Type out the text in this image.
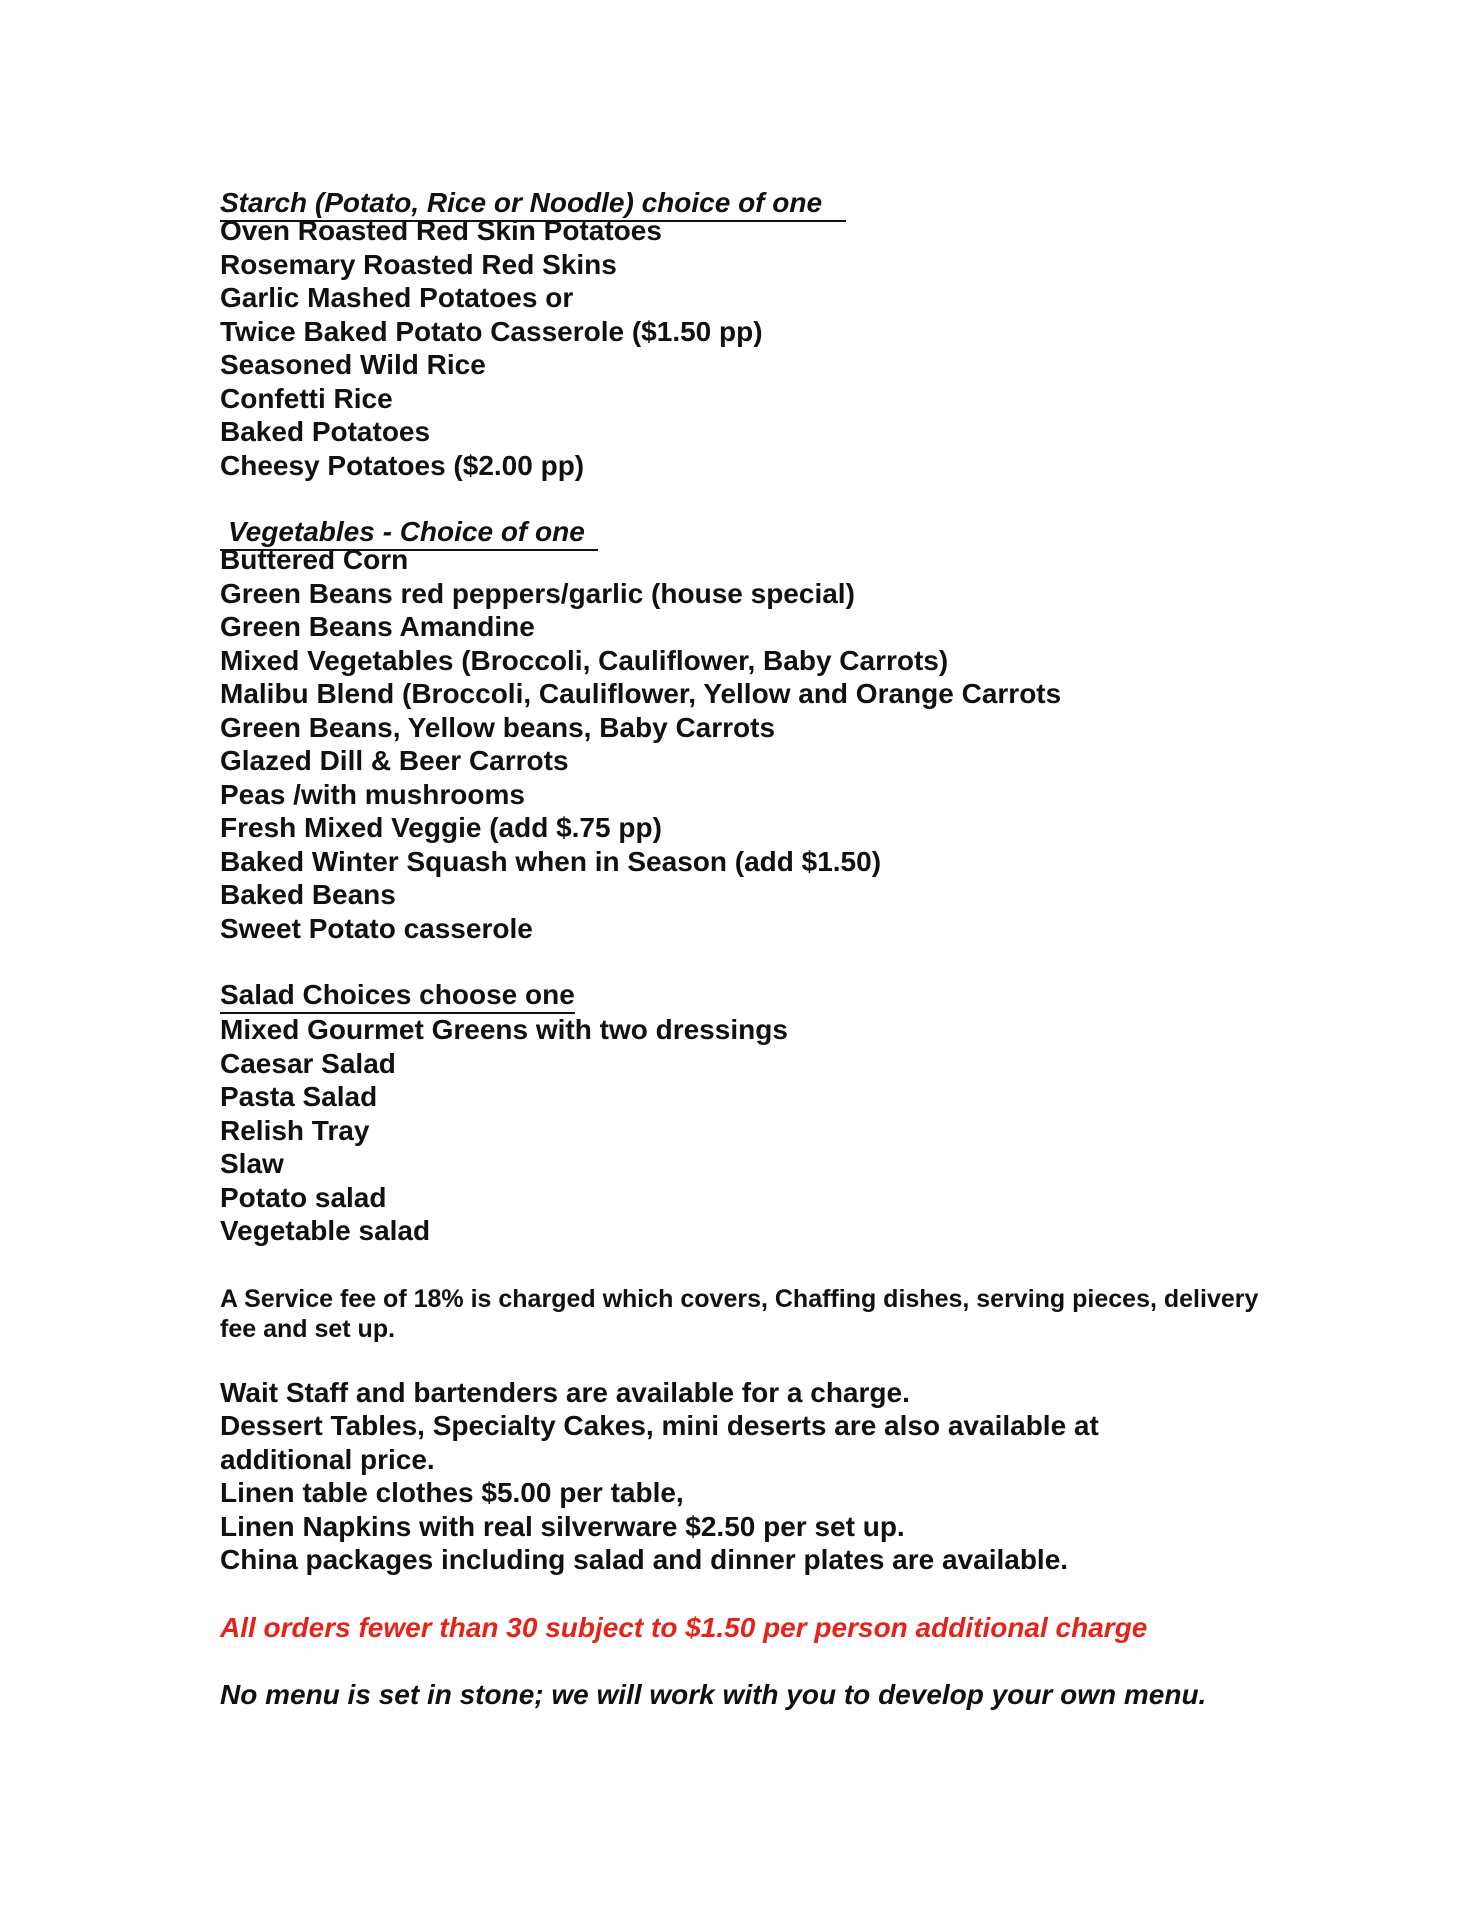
Starch (Potato, Rice or Noodle) choice of one
Oven Roasted Red Skin Potatoes
Rosemary Roasted Red Skins
Garlic Mashed Potatoes or
Twice Baked Potato Casserole ($1.50 pp)
Seasoned Wild Rice
Confetti Rice
Baked Potatoes
Cheesy Potatoes ($2.00 pp)
Vegetables - Choice of one
Buttered Corn
Green Beans red peppers/garlic (house special)
Green Beans Amandine
Mixed Vegetables (Broccoli, Cauliflower, Baby Carrots)
Malibu Blend (Broccoli, Cauliflower, Yellow and Orange Carrots
Green Beans, Yellow beans, Baby Carrots
Glazed Dill & Beer Carrots
Peas /with mushrooms
Fresh Mixed Veggie (add $.75 pp)
Baked Winter Squash when in Season (add $1.50)
Baked Beans
Sweet Potato casserole
Salad Choices choose one
Mixed Gourmet Greens with two dressings
Caesar Salad
Pasta Salad
Relish Tray
Slaw
Potato salad
Vegetable salad

A Service fee of 18% is charged which covers, Chaffing dishes, serving pieces, delivery fee and set up.

Wait Staff and bartenders are available for a charge.
Dessert Tables, Specialty Cakes, mini deserts are also available at additional price.
Linen table clothes $5.00 per table,
Linen Napkins with real silverware $2.50 per set up.
China packages including salad and dinner plates are available.

All orders fewer than 30 subject to $1.50 per person additional charge

No menu is set in stone; we will work with you to develop your own menu.
